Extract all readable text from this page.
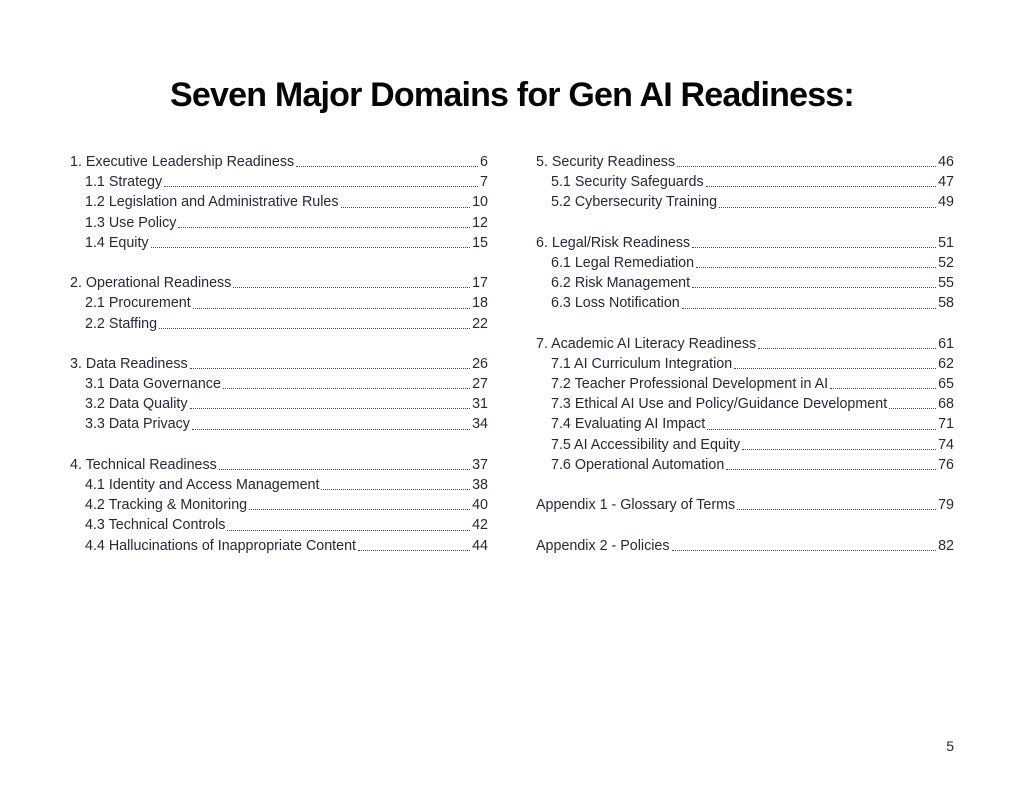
Seven Major Domains for Gen AI Readiness:
1. Executive Leadership Readiness	6
1.1 Strategy	7
1.2 Legislation and Administrative Rules	10
1.3 Use Policy	12
1.4 Equity	15
2. Operational Readiness	17
2.1 Procurement	18
2.2 Staffing	22
3. Data Readiness	26
3.1 Data Governance	27
3.2 Data Quality	31
3.3 Data Privacy	34
4. Technical Readiness	37
4.1 Identity and Access Management	38
4.2 Tracking & Monitoring	40
4.3 Technical Controls	42
4.4 Hallucinations of Inappropriate Content	44
5. Security Readiness	46
5.1 Security Safeguards	47
5.2 Cybersecurity Training	49
6. Legal/Risk Readiness	51
6.1 Legal Remediation	52
6.2 Risk Management	55
6.3 Loss Notification	58
7. Academic AI Literacy Readiness	61
7.1 AI Curriculum Integration	62
7.2 Teacher Professional Development in AI	65
7.3 Ethical AI Use and Policy/Guidance Development	68
7.4 Evaluating AI Impact	71
7.5 AI Accessibility and Equity	74
7.6 Operational Automation	76
Appendix 1 - Glossary of Terms	79
Appendix 2 - Policies	82
5
